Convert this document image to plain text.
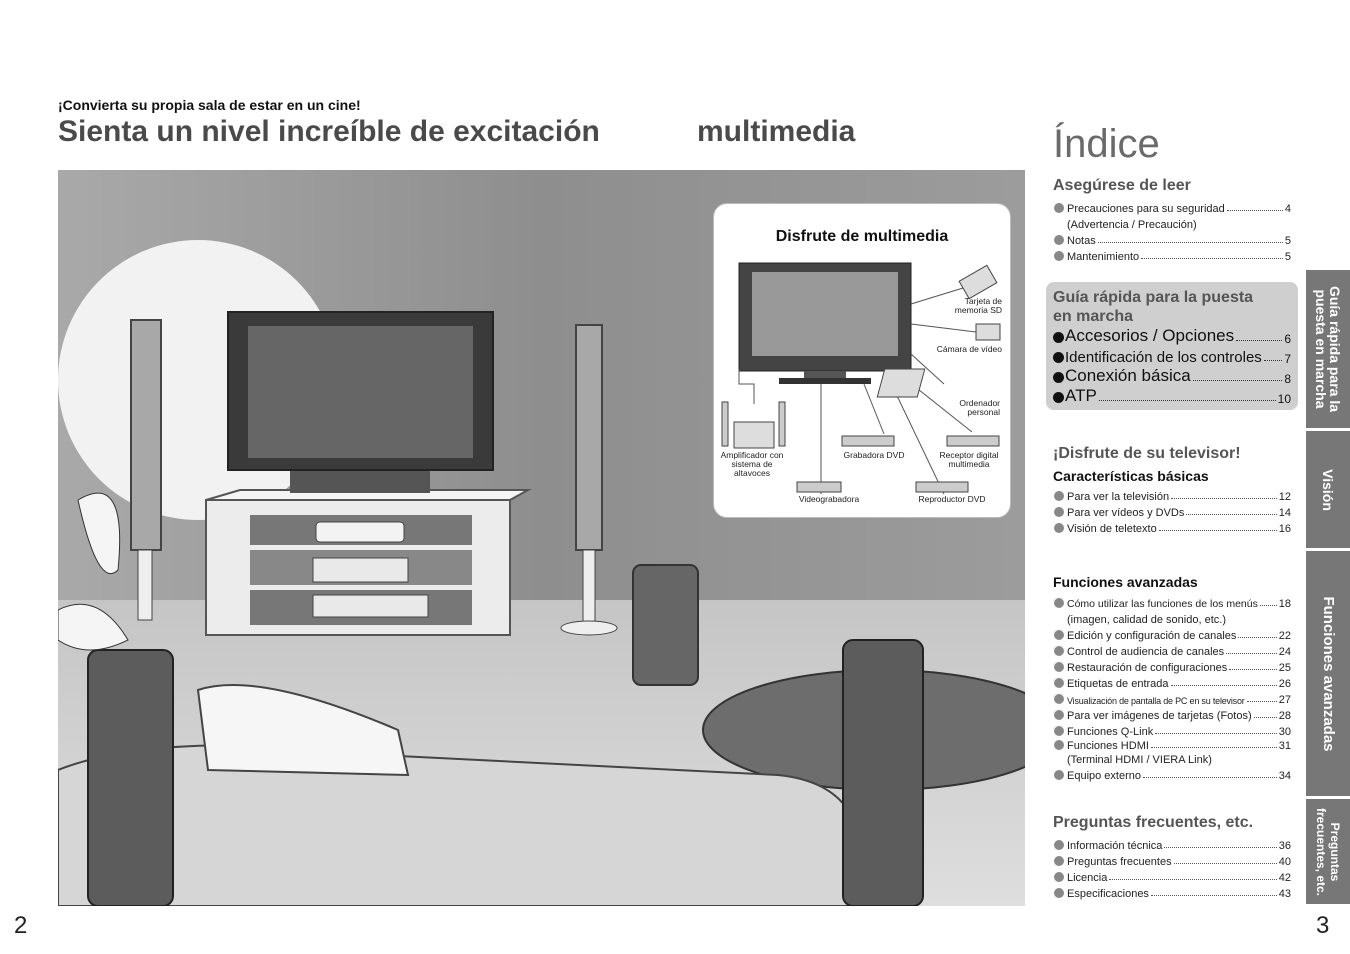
¡Convierta su propia sala de estar en un cine!
Sienta un nivel increíble de excitación	multimedia
Disfrute de multimedia
Tarjeta de memoria SD
Cámara de vídeo
Ordenador personal
Amplificador con sistema de altavoces
Grabadora DVD	Receptor digital multimedia
Videograbadora	Reproductor DVD
2
Índice
Asegúrese de leer
Precauciones para su seguridad	4
(Advertencia / Precaución)
Notas	5
Mantenimiento	5
Guía rápida para la puesta
en marcha
Accesorios / Opciones	6
Identificación de los controles 7
Conexión básica	8
ATP	10
¡Disfrute de su televisor!
Características básicas
Para ver la televisión	12
Para ver vídeos y DVDs	14
Visión de teletexto	16
Funciones avanzadas
Cómo utilizar las funciones de los menús 18
(imagen, calidad de sonido, etc.)
Edición y configuración de canales	22
Control de audiencia de canales	24
Restauración de configuraciones	25
Etiquetas de entrada	26
Visualización de pantalla de PC en su televisor	27
Para ver imágenes de tarjetas (Fotos) 28
Funciones Q-Link	30
Funciones HDMI	31
(Terminal HDMI / VIERA Link)
Equipo externo	34
Preguntas frecuentes, etc.
Información técnica	36
Preguntas frecuentes	40
Licencia	42
Especificaciones	43
Guía rápida para la
puesta en marcha
Visión
Funciones avanzadas
Preguntas
frecuentes, etc.
3
